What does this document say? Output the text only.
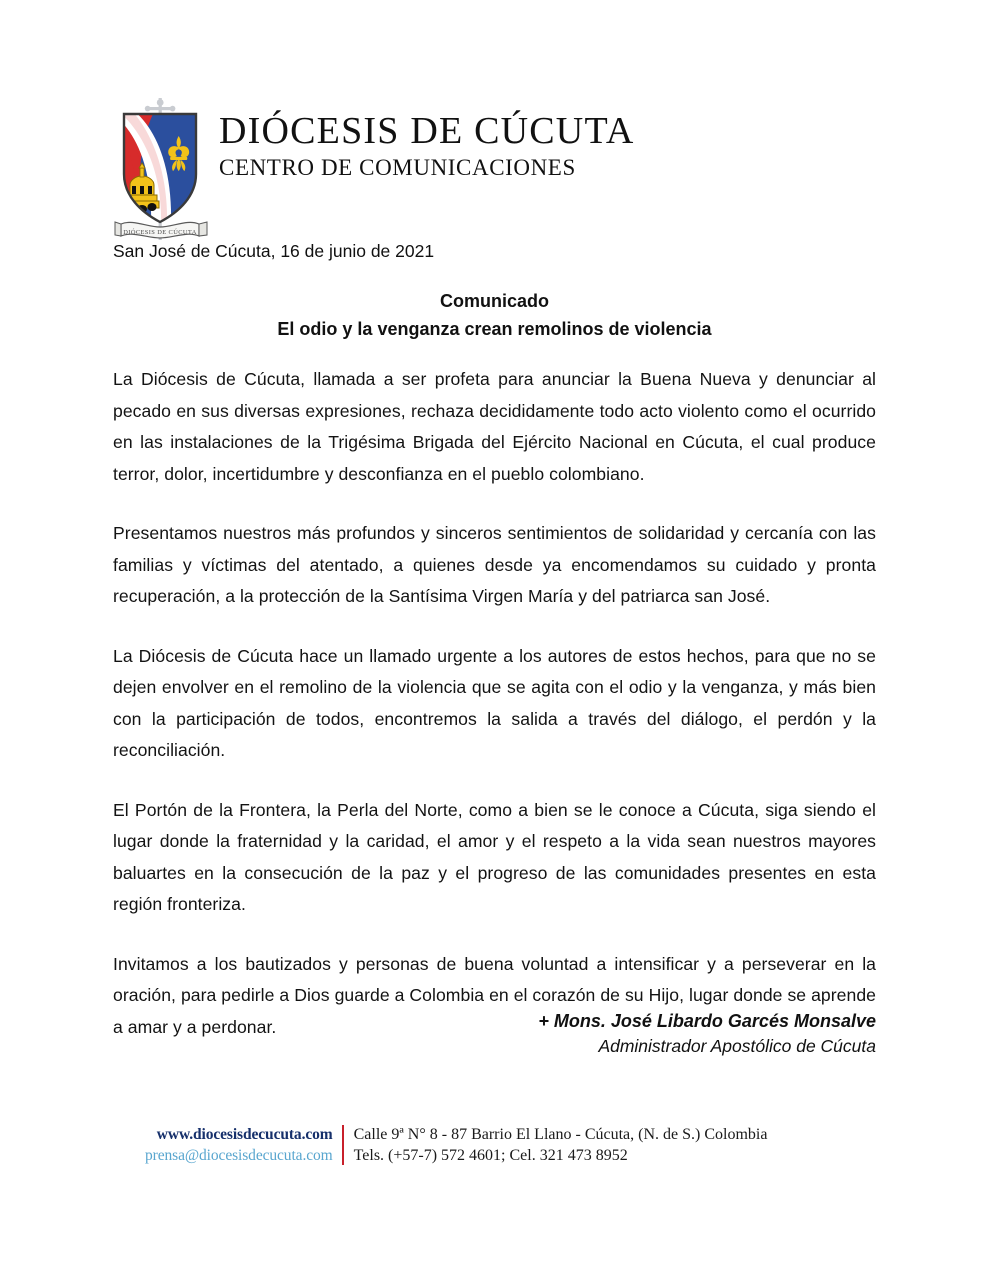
DIÓCESIS DE CÚCUTA
DIÓCESIS DE CÚCUTA
CENTRO DE COMUNICACIONES
San José de Cúcuta, 16 de junio de 2021
Comunicado
El odio y la venganza crean remolinos de violencia

La Diócesis de Cúcuta, llamada a ser profeta para anunciar la Buena Nueva y denunciar al pecado en sus diversas expresiones, rechaza decididamente todo acto violento como el ocurrido en las instalaciones de la Trigésima Brigada del Ejército Nacional en Cúcuta, el cual produce terror, dolor, incertidumbre y desconfianza en el pueblo colombiano.

Presentamos nuestros más profundos y sinceros sentimientos de solidaridad y cercanía con las familias y víctimas del atentado, a quienes desde ya encomendamos su cuidado y pronta recuperación, a la protección de la Santísima Virgen María y del patriarca san José.

La Diócesis de Cúcuta hace un llamado urgente a los autores de estos hechos, para que no se dejen envolver en el remolino de la violencia que se agita con el odio y la venganza, y más bien con la participación de todos, encontremos la salida a través del diálogo, el perdón y la reconciliación.

El Portón de la Frontera, la Perla del Norte, como a bien se le conoce a Cúcuta, siga siendo el lugar donde la fraternidad y la caridad, el amor y el respeto a la vida sean nuestros mayores baluartes en la consecución de la paz y el progreso de las comunidades presentes en esta región fronteriza.

Invitamos a los bautizados y personas de buena voluntad a intensificar y a perseverar en la oración, para pedirle a Dios guarde a Colombia en el corazón de su Hijo, lugar donde se aprende a amar y a perdonar.	+ Mons. José Libardo Garcés Monsalve
Administrador Apostólico de Cúcuta
www.diocesisdecucuta.com
prensa@diocesisdecucuta.com
Calle 9ª N° 8 - 87 Barrio El Llano - Cúcuta, (N. de S.) Colombia
Tels. (+57-7) 572 4601; Cel. 321 473 8952
